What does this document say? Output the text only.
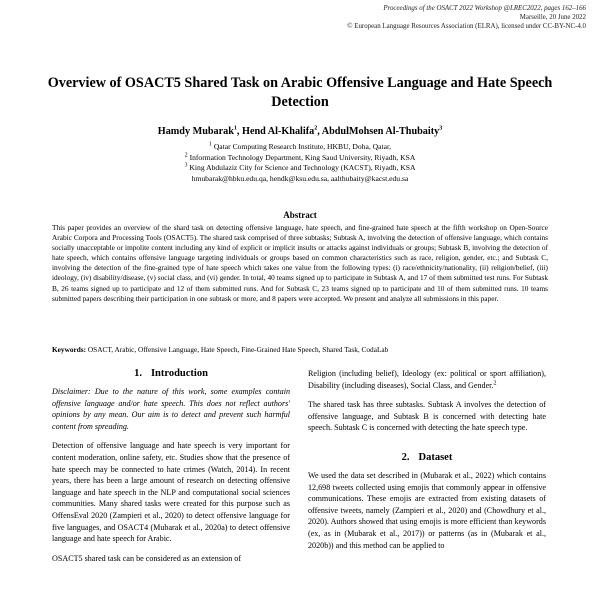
Proceedings of the OSACT 2022 Workshop @LREC2022, pages 162–166
Marseille, 20 June 2022
© European Language Resources Association (ELRA), licensed under CC-BY-NC-4.0
Overview of OSACT5 Shared Task on Arabic Offensive Language and Hate Speech Detection
Hamdy Mubarak$^1$, Hend Al-Khalifa$^2$, AbdulMohsen Al-Thubaity$^3$
$^1$ Qatar Computing Research Institute, HKBU, Doha, Qatar,
$^2$ Information Technology Department, King Saud University, Riyadh, KSA
$^3$ King Abdulaziz City for Science and Technology (KACST), Riyadh, KSA
hmubarak@hbku.edu.qa, hendk@ksu.edu.sa, aalthubaity@kacst.edu.sa
Abstract
This paper provides an overview of the shard task on detecting offensive language, hate speech, and fine-grained hate speech at the fifth workshop on Open-Source Arabic Corpora and Processing Tools (OSACT5). The shared task comprised of three subtasks; Subtask A, involving the detection of offensive language, which contains socially unacceptable or impolite content including any kind of explicit or implicit insults or attacks against individuals or groups; Subtask B, involving the detection of hate speech, which contains offensive language targeting individuals or groups based on common characteristics such as race, religion, gender, etc.; and Subtask C, involving the detection of the fine-grained type of hate speech which takes one value from the following types: (i) race/ethnicity/nationality, (ii) religion/belief, (iii) ideology, (iv) disability/disease, (v) social class, and (vi) gender. In total, 40 teams signed up to participate in Subtask A, and 17 of them submitted test runs. For Subtask B, 26 teams signed up to participate and 12 of them submitted runs. And for Subtask C, 23 teams signed up to participate and 10 of them submitted runs. 10 teams submitted papers describing their participation in one subtask or more, and 8 papers were accepted. We present and analyze all submissions in this paper.
Keywords: OSACT, Arabic, Offensive Language, Hate Speech, Fine-Grained Hate Speech, Shared Task, CodaLab
1. Introduction

Disclaimer: Due to the nature of this work, some examples contain offensive language and/or hate speech. This does not reflect authors' opinions by any mean. Our aim is to detect and prevent such harmful content from spreading.

Detection of offensive language and hate speech is very important for content moderation, online safety, etc. Studies show that the presence of hate speech may be connected to hate crimes (Watch, 2014). In recent years, there has been a large amount of research on detecting offensive language and hate speech in the NLP and computational social sciences communities. Many shared tasks were created for this purpose such as OffensEval 2020 (Zampieri et al., 2020) to detect offensive language for five languages, and OSACT4 (Mubarak et al., 2020a) to detect offensive language and hate speech for Arabic.

OSACT5 shared task can be considered as an extension of

Religion (including belief), Ideology (ex: political or sport affiliation), Disability (including diseases), Social Class, and Gender.$^2$

The shared task has three subtasks. Subtask A involves the detection of offensive language, and Subtask B is concerned with detecting hate speech. Subtask C is concerned with detecting the hate speech type.

2. Dataset

We used the data set described in (Mubarak et al., 2022) which contains 12,698 tweets collected using emojis that commonly appear in offensive communications. These emojis are extracted from existing datasets of offensive tweets, namely (Zampieri et al., 2020) and (Chowdhury et al., 2020). Authors showed that using emojis is more efficient than keywords (ex, as in (Mubarak et al., 2017)) or patterns (as in (Mubarak et al., 2020b)) and this method can be applied to
